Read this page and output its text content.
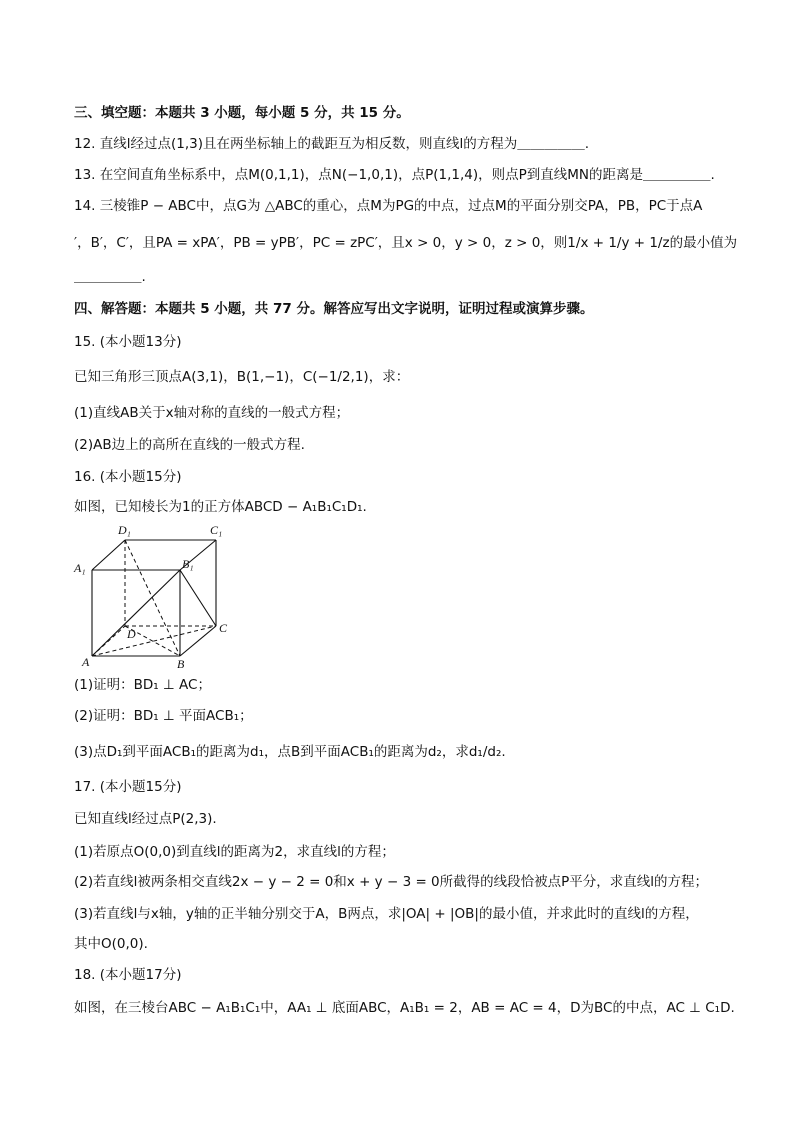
三、填空题：本题共 3 小题，每小题 5 分，共 15 分。
12. 直线l经过点(1,3)且在两坐标轴上的截距互为相反数，则直线l的方程为＿＿＿＿＿.
13. 在空间直角坐标系中，点M(0,1,1)，点N(−1,0,1)，点P(1,1,4)，则点P到直线MN的距离是＿＿＿＿＿.
14. 三棱锥P − ABC中，点G为 △ABC的重心，点M为PG的中点，过点M的平面分别交PA，PB，PC于点A
′，B′，C′，且PA = xPA′，PB = yPB′，PC = zPC′，且x > 0，y > 0，z > 0，则1/x + 1/y + 1/z的最小值为
＿＿＿＿＿.
四、解答题：本题共 5 小题，共 77 分。解答应写出文字说明，证明过程或演算步骤。
15. (本小题13分)
已知三角形三顶点A(3,1)，B(1,−1)，C(−1/2,1)，求：
(1)直线AB关于x轴对称的直线的一般式方程；
(2)AB边上的高所在直线的一般式方程.
16. (本小题15分)
如图，已知棱长为1的正方体ABCD − A₁B₁C₁D₁.
D₁	C₁
A₁	B₁
D	C
A	B
(1)证明：BD₁ ⊥ AC；
(2)证明：BD₁ ⊥ 平面ACB₁；
(3)点D₁到平面ACB₁的距离为d₁，点B到平面ACB₁的距离为d₂，求d₁/d₂.
17. (本小题15分)
已知直线l经过点P(2,3).
(1)若原点O(0,0)到直线l的距离为2，求直线l的方程；
(2)若直线l被两条相交直线2x − y − 2 = 0和x + y − 3 = 0所截得的线段恰被点P平分，求直线l的方程；
(3)若直线l与x轴，y轴的正半轴分别交于A，B两点，求|OA| + |OB|的最小值，并求此时的直线l的方程，
其中O(0,0).
18. (本小题17分)
如图，在三棱台ABC − A₁B₁C₁中，AA₁ ⊥ 底面ABC，A₁B₁ = 2，AB = AC = 4，D为BC的中点，AC ⊥ C₁D.
